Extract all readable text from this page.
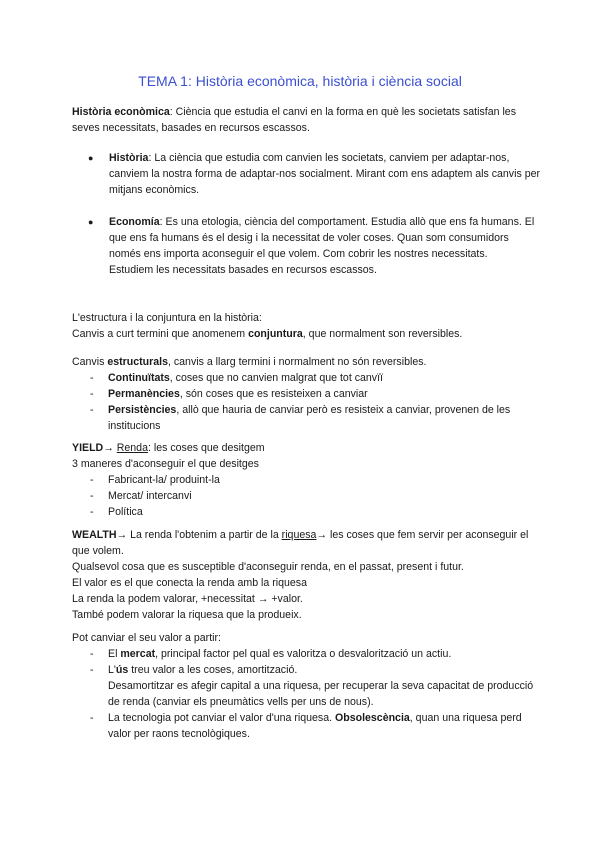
TEMA 1: Història econòmica, història i ciència social

Història econòmica: Ciència que estudia el canvi en la forma en què les societats satisfan les seves necessitats, basades en recursos escassos.

● Història: La ciència que estudia com canvien les societats, canviem per adaptar-nos, canviem la nostra forma de adaptar-nos socialment. Mirant com ens adaptem als canvis per mitjans econòmics.
● Economía: Es una etologia, ciència del comportament. Estudia allò que ens fa humans. El que ens fa humans és el desig i la necessitat de voler coses. Quan som consumidors només ens importa aconseguir el que volem. Com cobrir les nostres necessitats.

Estudiem les necessitats basades en recursos escassos.

L'estructura i la conjuntura en la història:

Canvis a curt termini que anomenem conjuntura, que normalment son reversibles.

Canvis estructurals, canvis a llarg termini i normalment no són reversibles.

- Continuïtats, coses que no canvien malgrat que tot canvïï
- Permanències, són coses que es resisteixen a canviar
- Persistències, allò que hauria de canviar però es resisteix a canviar, provenen de les institucions

YIELD→ Renda: les coses que desitgem

3 maneres d'aconseguir el que desitges

- Fabricant-la/ produint-la
- Mercat/ intercanvi
- Política

WEALTH→ La renda l'obtenim a partir de la riquesa→ les coses que fem servir per aconseguir el que volem.

Qualsevol cosa que es susceptible d'aconseguir renda, en el passat, present i futur.

El valor es el que conecta la renda amb la riquesa

La renda la podem valorar, +necessitat → +valor.

També podem valorar la riquesa que la produeix.

Pot canviar el seu valor a partir:

- El mercat, principal factor pel qual es valoritza o desvalorització un actiu.
- L'ús treu valor a les coses, amortització.

Desamortitzar es afegir capital a una riquesa, per recuperar la seva capacitat de producció de renda (canviar els pneumàtics vells per uns de nous).

- La tecnologia pot canviar el valor d'una riquesa. Obsolescència, quan una riquesa perd valor per raons tecnològiques.
